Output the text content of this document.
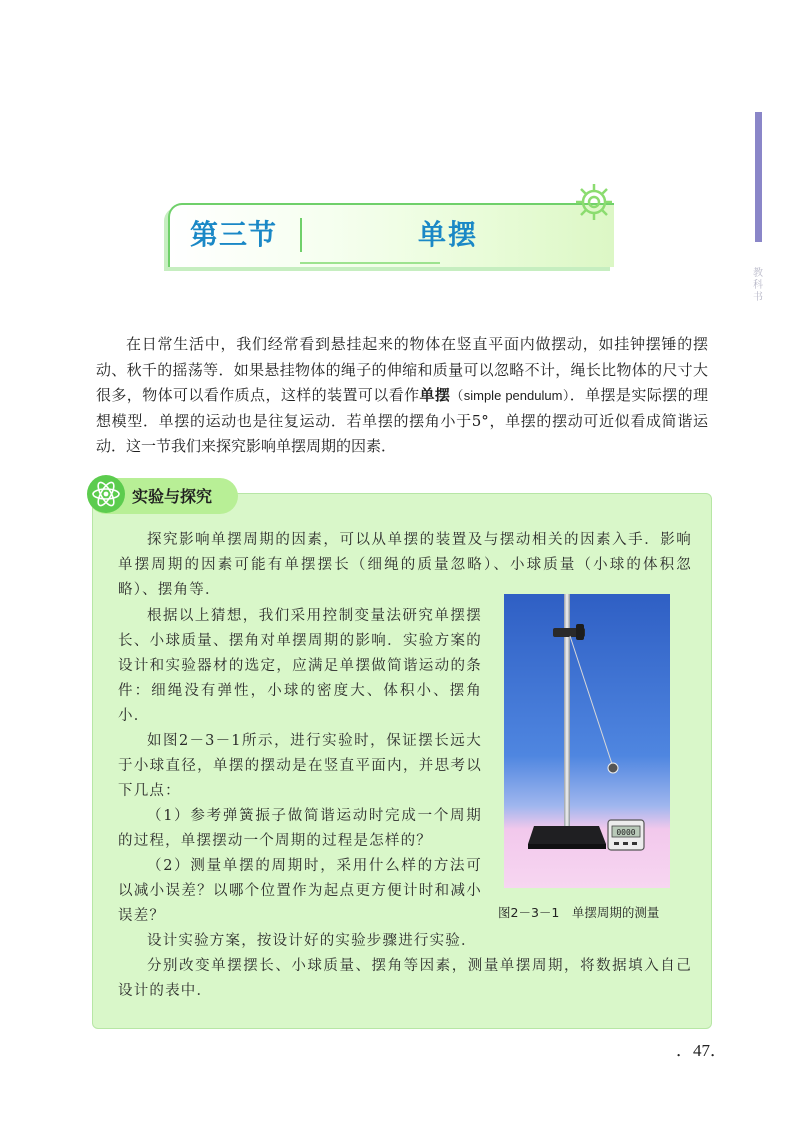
教科书
第三节	单摆

在日常生活中，我们经常看到悬挂起来的物体在竖直平面内做摆动，如挂钟摆锤的摆动、秋千的摇荡等．如果悬挂物体的绳子的伸缩和质量可以忽略不计，绳长比物体的尺寸大很多，物体可以看作质点，这样的装置可以看作单摆（simple pendulum）．单摆是实际摆的理想模型．单摆的运动也是往复运动．若单摆的摆角小于5°，单摆的摆动可近似看成简谐运动．这一节我们来探究影响单摆周期的因素．

实验与探究

探究影响单摆周期的因素，可以从单摆的装置及与摆动相关的因素入手．影响单摆周期的因素可能有单摆摆长（细绳的质量忽略）、小球质量（小球的体积忽略）、摆角等．

根据以上猜想，我们采用控制变量法研究单摆摆长、小球质量、摆角对单摆周期的影响．实验方案的设计和实验器材的选定，应满足单摆做简谐运动的条件：细绳没有弹性，小球的密度大、体积小、摆角小．

如图2－3－1所示，进行实验时，保证摆长远大于小球直径，单摆的摆动是在竖直平面内，并思考以下几点：

（1）参考弹簧振子做简谐运动时完成一个周期的过程，单摆摆动一个周期的过程是怎样的？

（2）测量单摆的周期时，采用什么样的方法可以减小误差？以哪个位置作为起点更方便计时和减小误差？

设计实验方案，按设计好的实验步骤进行实验．

分别改变单摆摆长、小球质量、摆角等因素，测量单摆周期，将数据填入自己设计的表中．

0000
图2－3－1　单摆周期的测量
．47．
